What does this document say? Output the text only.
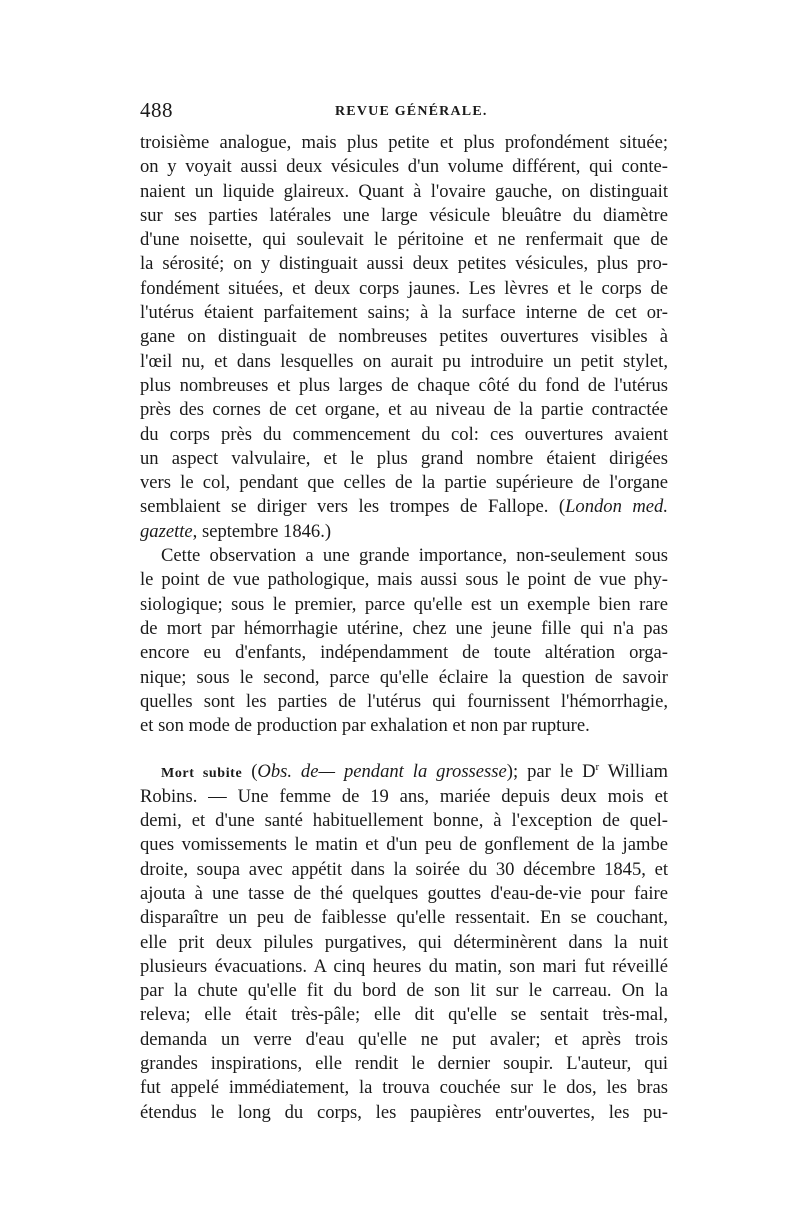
488	REVUE GÉNÉRALE.
troisième analogue, mais plus petite et plus profondément située;
on y voyait aussi deux vésicules d'un volume différent, qui conte-
naient un liquide glaireux. Quant à l'ovaire gauche, on distinguait
sur ses parties latérales une large vésicule bleuâtre du diamètre
d'une noisette, qui soulevait le péritoine et ne renfermait que de
la sérosité; on y distinguait aussi deux petites vésicules, plus pro-
fondément situées, et deux corps jaunes. Les lèvres et le corps de
l'utérus étaient parfaitement sains; à la surface interne de cet or-
gane on distinguait de nombreuses petites ouvertures visibles à
l'œil nu, et dans lesquelles on aurait pu introduire un petit stylet,
plus nombreuses et plus larges de chaque côté du fond de l'utérus
près des cornes de cet organe, et au niveau de la partie contractée
du corps près du commencement du col: ces ouvertures avaient
un aspect valvulaire, et le plus grand nombre étaient dirigées
vers le col, pendant que celles de la partie supérieure de l'organe
semblaient se diriger vers les trompes de Fallope. (London med.
gazette, septembre 1846.)
Cette observation a une grande importance, non-seulement sous
le point de vue pathologique, mais aussi sous le point de vue phy-
siologique; sous le premier, parce qu'elle est un exemple bien rare
de mort par hémorrhagie utérine, chez une jeune fille qui n'a pas
encore eu d'enfants, indépendamment de toute altération orga-
nique; sous le second, parce qu'elle éclaire la question de savoir
quelles sont les parties de l'utérus qui fournissent l'hémorrhagie,
et son mode de production par exhalation et non par rupture.
Mort subite (Obs. de— pendant la grossesse); par le $D^r$ William
Robins. — Une femme de 19 ans, mariée depuis deux mois et
demi, et d'une santé habituellement bonne, à l'exception de quel-
ques vomissements le matin et d'un peu de gonflement de la jambe
droite, soupa avec appétit dans la soirée du 30 décembre 1845, et
ajouta à une tasse de thé quelques gouttes d'eau-de-vie pour faire
disparaître un peu de faiblesse qu'elle ressentait. En se couchant,
elle prit deux pilules purgatives, qui déterminèrent dans la nuit
plusieurs évacuations. A cinq heures du matin, son mari fut réveillé
par la chute qu'elle fit du bord de son lit sur le carreau. On la
releva; elle était très-pâle; elle dit qu'elle se sentait très-mal,
demanda un verre d'eau qu'elle ne put avaler; et après trois
grandes inspirations, elle rendit le dernier soupir. L'auteur, qui
fut appelé immédiatement, la trouva couchée sur le dos, les bras
étendus le long du corps, les paupières entr'ouvertes, les pu-
